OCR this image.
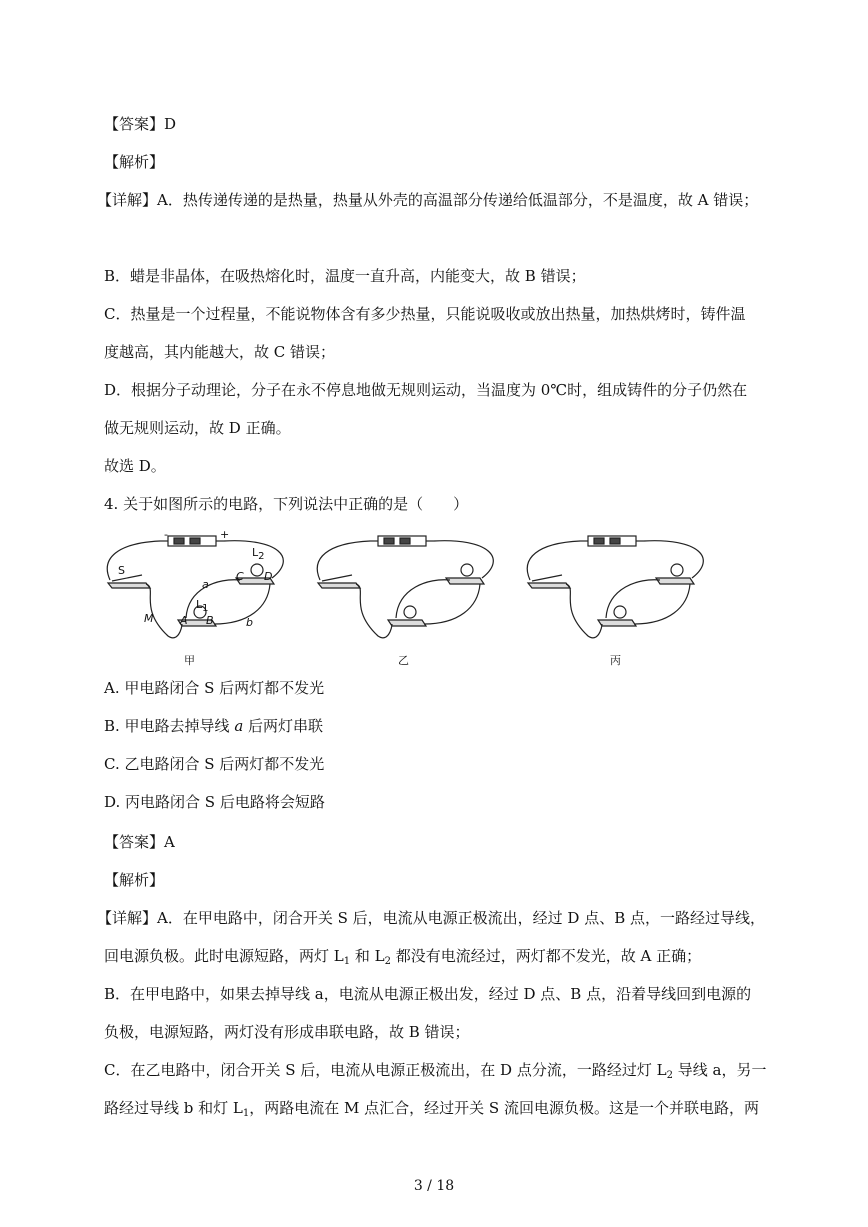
【答案】D
【解析】
【详解】A．热传递传递的是热量，热量从外壳的高温部分传递给低温部分，不是温度，故 A 错误；
B．蜡是非晶体，在吸热熔化时，温度一直升高，内能变大，故 B 错误；
C．热量是一个过程量，不能说物体含有多少热量，只能说吸收或放出热量，加热烘烤时，铸件温
度越高，其内能越大，故 C 错误；
D．根据分子动理论，分子在永不停息地做无规则运动，当温度为 0℃时，组成铸件的分子仍然在
做无规则运动，故 D 正确。
故选 D。
4. 关于如图所示的电路，下列说法中正确的是（　　）
S
L2
L1
C D
A B
a
b
M
-	+
甲	乙	丙
A. 甲电路闭合 S 后两灯都不发光
B. 甲电路去掉导线 a 后两灯串联
C. 乙电路闭合 S 后两灯都不发光
D. 丙电路闭合 S 后电路将会短路
【答案】A
【解析】
【详解】A．在甲电路中，闭合开关 S 后，电流从电源正极流出，经过 D 点、B 点，一路经过导线，
回电源负极。此时电源短路，两灯 $L_1$ 和 $L_2$ 都没有电流经过，两灯都不发光，故 A 正确；
B．在甲电路中，如果去掉导线 a，电流从电源正极出发，经过 D 点、B 点，沿着导线回到电源的
负极，电源短路，两灯没有形成串联电路，故 B 错误；
C．在乙电路中，闭合开关 S 后，电流从电源正极流出，在 D 点分流，一路经过灯 $L_2$ 导线 a，另一
路经过导线 b 和灯 $L_1$，两路电流在 M 点汇合，经过开关 S 流回电源负极。这是一个并联电路，两
3 / 18
